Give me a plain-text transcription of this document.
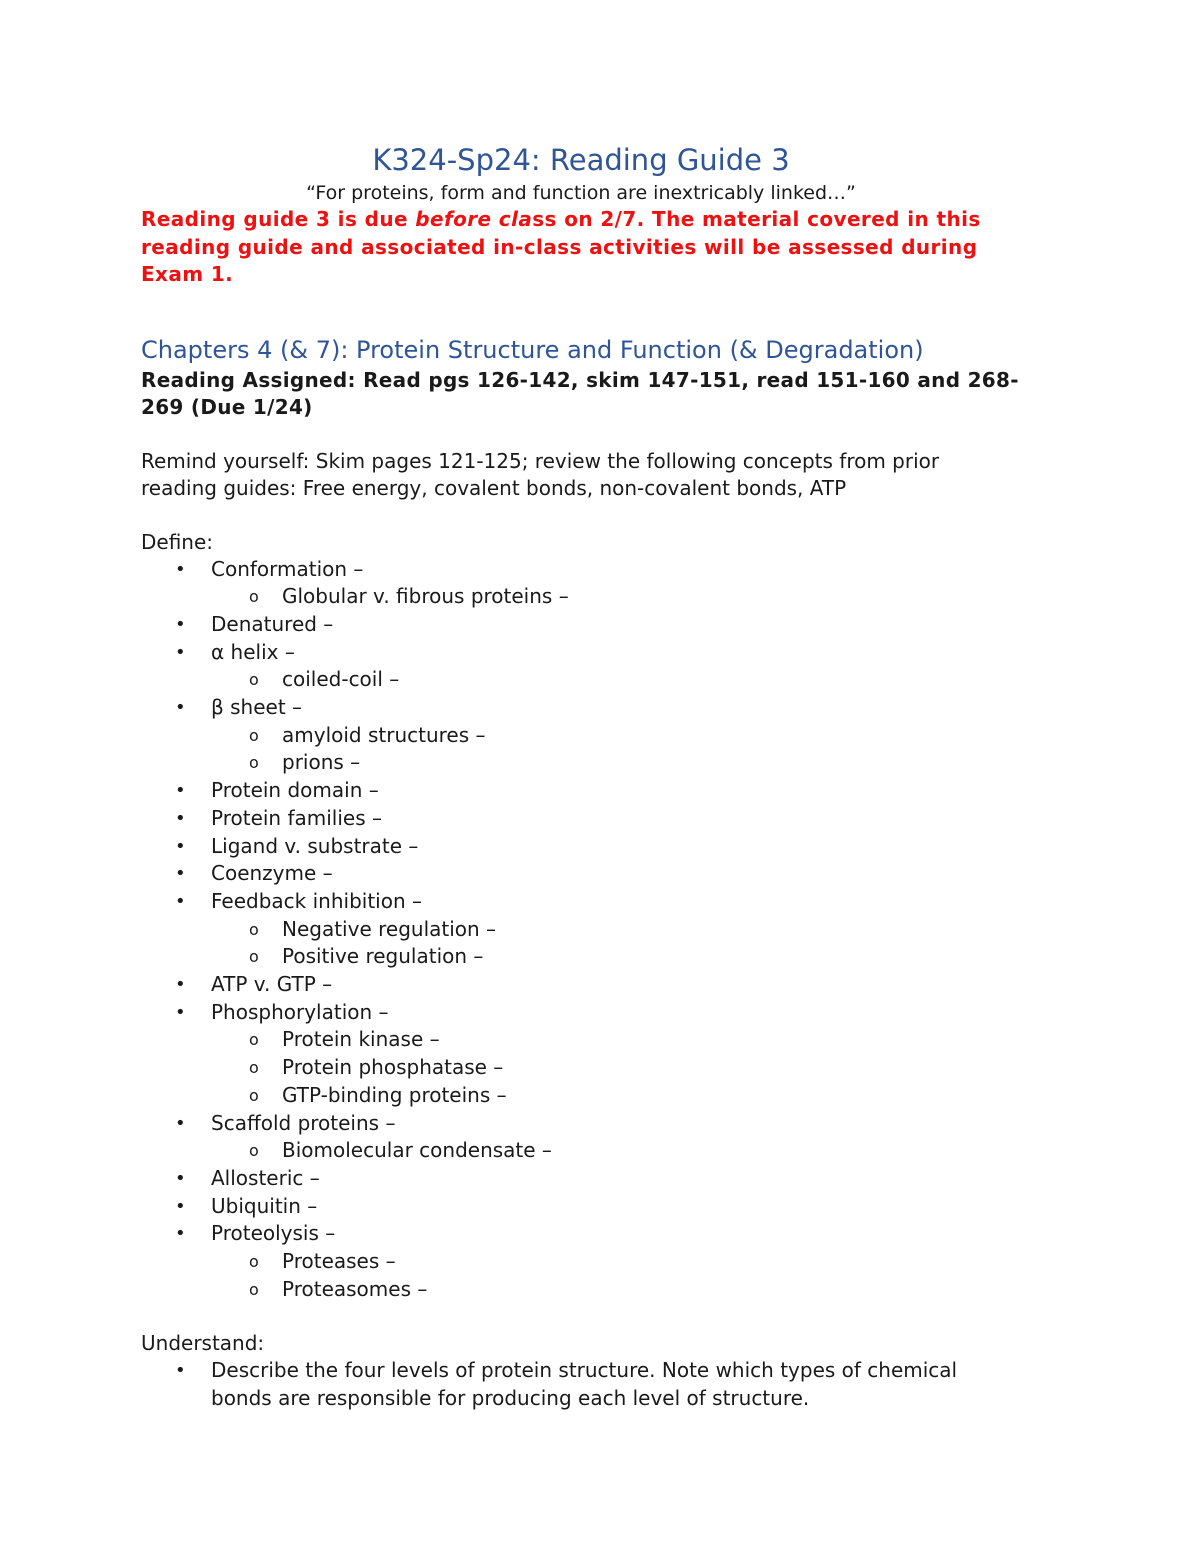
K324-Sp24: Reading Guide 3

“For proteins, form and function are inextricably linked…”

Reading guide 3 is due before class on 2/7. The material covered in this reading guide and associated in-class activities will be assessed during Exam 1.

Chapters 4 (& 7): Protein Structure and Function (& Degradation)

Reading Assigned: Read pgs 126-142, skim 147-151, read 151-160 and 268-269 (Due 1/24)

Remind yourself: Skim pages 121-125; review the following concepts from prior reading guides: Free energy, covalent bonds, non-covalent bonds, ATP

Define:

• Conformation –
o Globular v. fibrous proteins –
• Denatured –
• α helix –
o coiled-coil –
• β sheet –
o amyloid structures –
o prions –
• Protein domain –
• Protein families –
• Ligand v. substrate –
• Coenzyme –
• Feedback inhibition –
o Negative regulation –
o Positive regulation –
• ATP v. GTP –
• Phosphorylation –
o Protein kinase –
o Protein phosphatase –
o GTP-binding proteins –
• Scaffold proteins –
o Biomolecular condensate –
• Allosteric –
• Ubiquitin –
• Proteolysis –
o Proteases –
o Proteasomes –

Understand:

• Describe the four levels of protein structure. Note which types of chemical bonds are responsible for producing each level of structure.
